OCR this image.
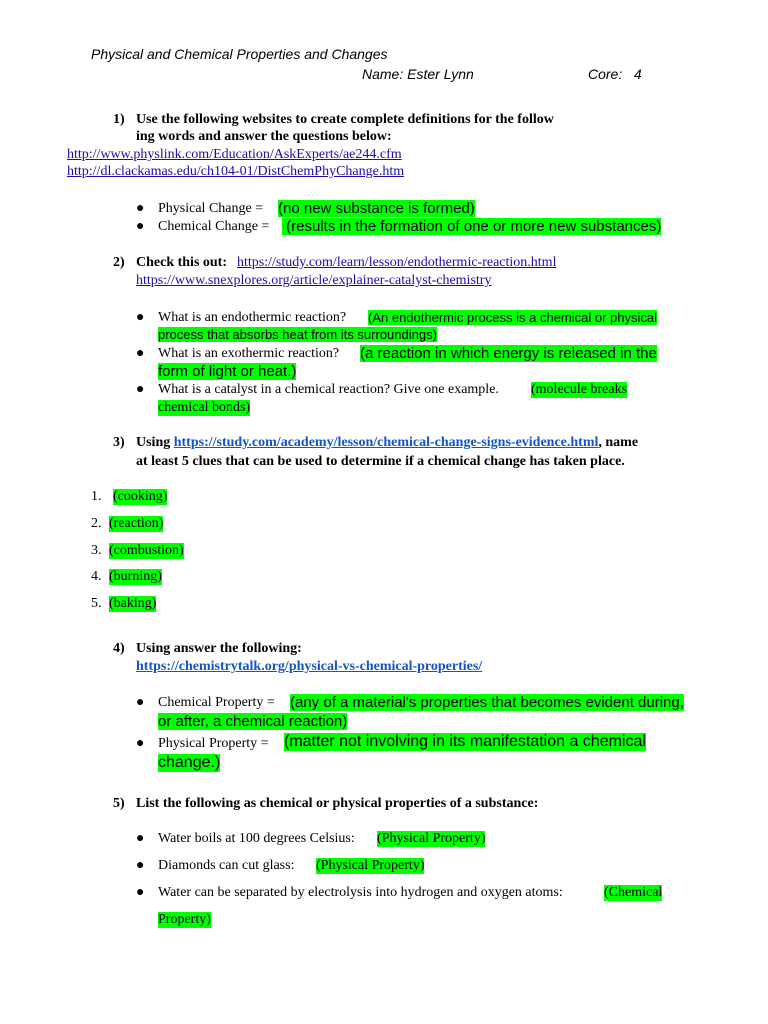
Physical and Chemical Properties and Changes
Name: Ester Lynn	Core:   4
1) Use the following websites to create complete definitions for the follow
ing words and answer the questions below:
http://www.physlink.com/Education/AskExperts/ae244.cfm
http://dl.clackamas.edu/ch104-01/DistChemPhyChange.htm
● Physical Change = (no new substance is formed)
● Chemical Change = (results in the formation of one or more new substances)
2) Check this out: https://study.com/learn/lesson/endothermic-reaction.html
https://www.snexplores.org/article/explainer-catalyst-chemistry
● What is an endothermic reaction? (An endothermic process is a chemical or physical
process that absorbs heat from its surroundings)
● What is an exothermic reaction? (a reaction in which energy is released in the
form of light or heat.)
● What is a catalyst in a chemical reaction? Give one example. (molecule breaks
chemical bonds)
3) Using https://study.com/academy/lesson/chemical-change-signs-evidence.html, name
at least 5 clues that can be used to determine if a chemical change has taken place.
1. (cooking)
2. (reaction)
3. (combustion)
4. (burning)
5. (baking)
4) Using answer the following:
https://chemistrytalk.org/physical-vs-chemical-properties/
● Chemical Property = (any of a material's properties that becomes evident during,
or after, a chemical reaction)
● Physical Property = (matter not involving in its manifestation a chemical
change.)
5) List the following as chemical or physical properties of a substance:
● Water boils at 100 degrees Celsius: (Physical Property)
● Diamonds can cut glass: (Physical Property)
● Water can be separated by electrolysis into hydrogen and oxygen atoms:	(Chemical
Property)
